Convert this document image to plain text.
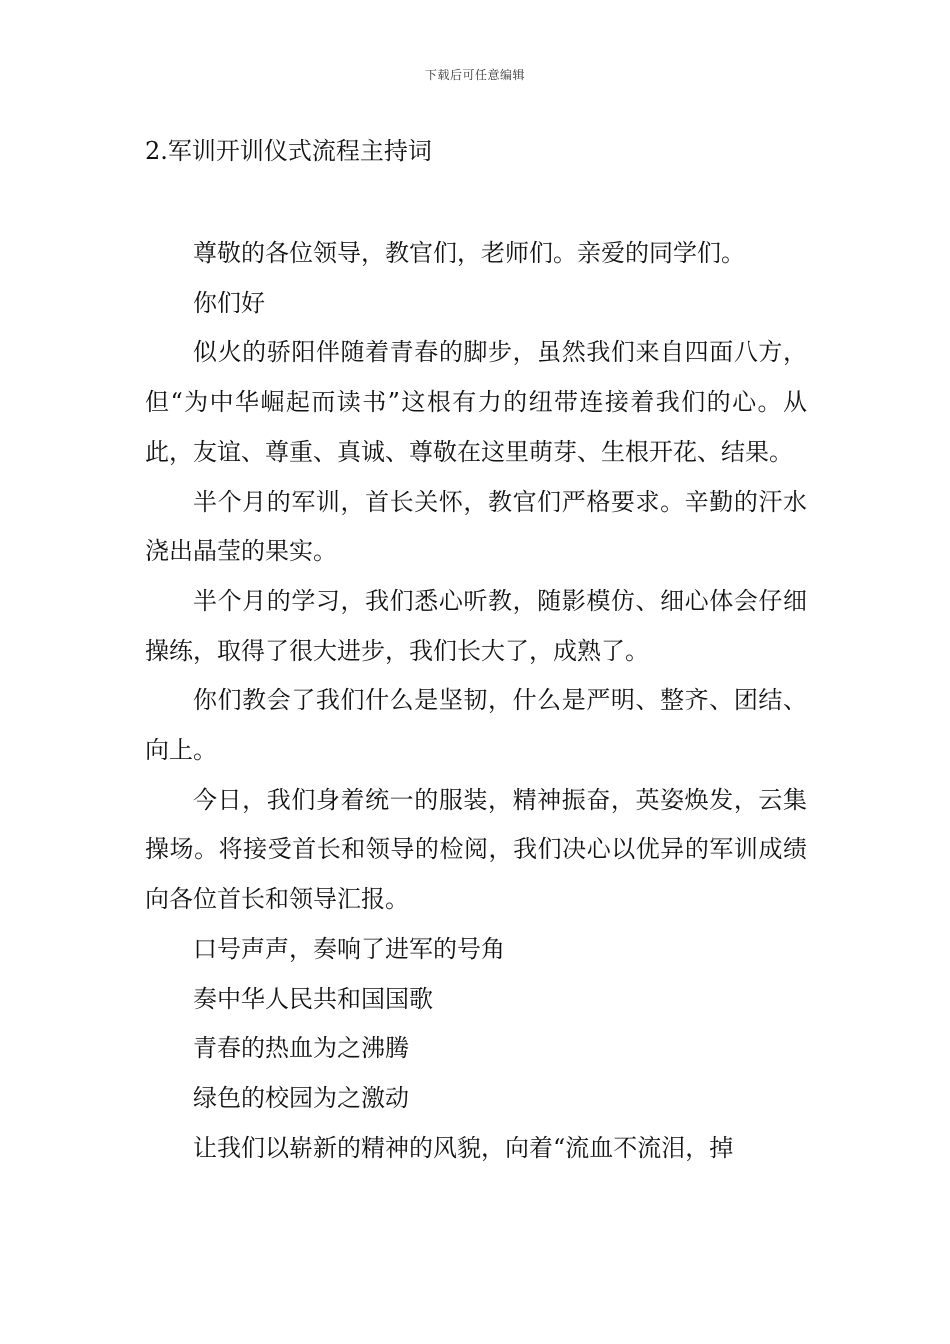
下载后可任意编辑
2.军训开训仪式流程主持词

尊敬的各位领导，教官们，老师们。亲爱的同学们。

你们好

似火的骄阳伴随着青春的脚步，虽然我们来自四面八方，但“为中华崛起而读书”这根有力的纽带连接着我们的心。从此，友谊、尊重、真诚、尊敬在这里萌芽、生根开花、结果。

半个月的军训，首长关怀，教官们严格要求。辛勤的汗水浇出晶莹的果实。

半个月的学习，我们悉心听教，随影模仿、细心体会仔细操练，取得了很大进步，我们长大了，成熟了。

你们教会了我们什么是坚韧，什么是严明、整齐、团结、向上。

今日，我们身着统一的服装，精神振奋，英姿焕发，云集操场。将接受首长和领导的检阅，我们决心以优异的军训成绩向各位首长和领导汇报。

口号声声，奏响了进军的号角

奏中华人民共和国国歌

青春的热血为之沸腾

绿色的校园为之激动

让我们以崭新的精神的风貌，向着“流血不流泪，掉
